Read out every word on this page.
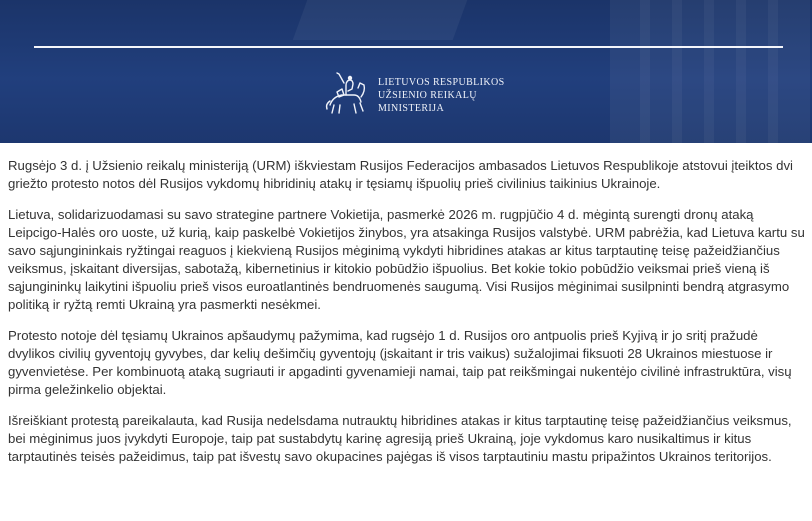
LIETUVOS RESPUBLIKOS
UŽSIENIO REIKALŲ
MINISTERIJA

Rugsėjo 3 d. į Užsienio reikalų ministeriją (URM) iškviestam Rusijos Federacijos ambasados Lietuvos Respublikoje atstovui įteiktos dvi griežto protesto notos dėl Rusijos vykdomų hibridinių atakų ir tęsiamų išpuolių prieš civilinius taikinius Ukrainoje.

Lietuva, solidarizuodamasi su savo strategine partnere Vokietija, pasmerkė 2026 m. rugpjūčio 4 d. mėgintą surengti dronų ataką Leipcigo-Halės oro uoste, už kurią, kaip paskelbė Vokietijos žinybos, yra atsakinga Rusijos valstybė. URM pabrėžia, kad Lietuva kartu su savo sąjungininkais ryžtingai reaguos į kiekvieną Rusijos mėginimą vykdyti hibridines atakas ar kitus tarptautinę teisę pažeidžiančius veiksmus, įskaitant diversijas, sabotažą, kibernetinius ir kitokio pobūdžio išpuolius. Bet kokie tokio pobūdžio veiksmai prieš vieną iš sąjungininkų laikytini išpuoliu prieš visos euroatlantinės bendruomenės saugumą. Visi Rusijos mėginimai susilpninti bendrą atgrasymo politiką ir ryžtą remti Ukrainą yra pasmerkti nesėkmei.

Protesto notoje dėl tęsiamų Ukrainos apšaudymų pažymima, kad rugsėjo 1 d. Rusijos oro antpuolis prieš Kyjivą ir jo sritį pražudė dvylikos civilių gyventojų gyvybes, dar kelių dešimčių gyventojų (įskaitant ir tris vaikus) sužalojimai fiksuoti 28 Ukrainos miestuose ir gyvenvietėse. Per kombinuotą ataką sugriauti ir apgadinti gyvenamieji namai, taip pat reikšmingai nukentėjo civilinė infrastruktūra, visų pirma geležinkelio objektai.

Išreiškiant protestą pareikalauta, kad Rusija nedelsdama nutrauktų hibridines atakas ir kitus tarptautinę teisę pažeidžiančius veiksmus, bei mėginimus juos įvykdyti Europoje, taip pat sustabdytų karinę agresiją prieš Ukrainą, joje vykdomus karo nusikaltimus ir kitus tarptautinės teisės pažeidimus, taip pat išvestų savo okupacines pajėgas iš visos tarptautiniu mastu pripažintos Ukrainos teritorijos.
